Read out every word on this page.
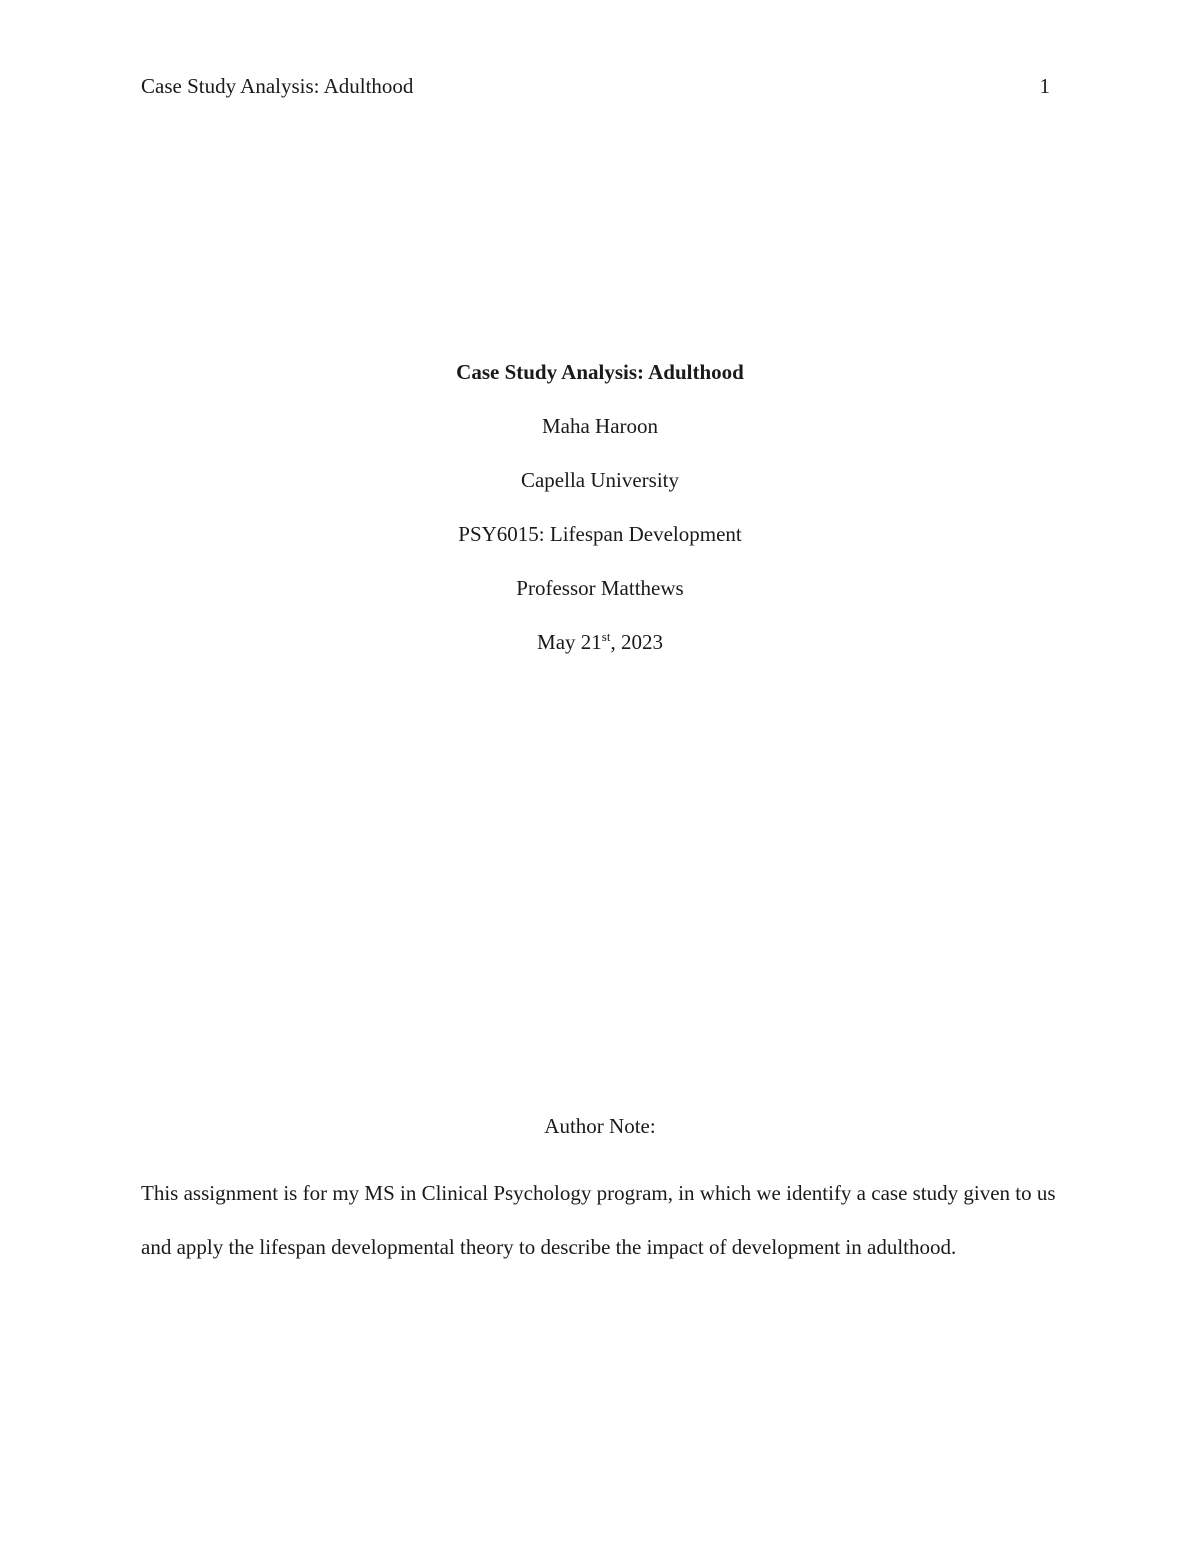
Case Study Analysis: Adulthood	1
Case Study Analysis: Adulthood
Maha Haroon
Capella University
PSY6015: Lifespan Development
Professor Matthews
May 21st, 2023
Author Note:
This assignment is for my MS in Clinical Psychology program, in which we identify a case study given to us and apply the lifespan developmental theory to describe the impact of development in adulthood.
